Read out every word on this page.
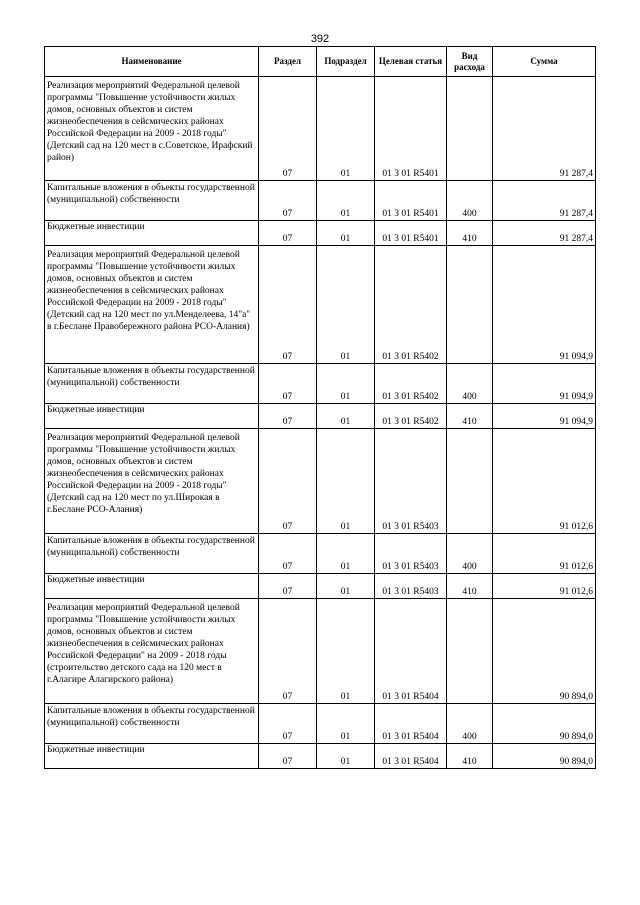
392
Наименование	Раздел	Подраздел	Целевая статья	Вид расхода	Сумма

Реализация мероприятий Федеральной целевой программы "Повышение устойчивости жилых домов, основных объектов и систем жизнеобеспечения в сейсмических районах Российской Федерации на 2009 - 2018 годы" (Детский сад на 120 мест в с.Советское, Ирафский район)	07	01	01 3 01 R5401		91 287,4

Капитальные вложения в объекты государственной (муниципальной) собственности	07	01	01 3 01 R5401	400	91 287,4

Бюджетные инвестиции	07	01	01 3 01 R5401	410	91 287,4

Реализация мероприятий Федеральной целевой программы "Повышение устойчивости жилых домов, основных объектов и систем жизнеобеспечения в сейсмических районах Российской Федерации на 2009 - 2018 годы" (Детский сад на 120 мест по ул.Менделеева, 14"а" в г.Беслане Правобережного района РСО-Алания)	07	01	01 3 01 R5402		91 094,9

Капитальные вложения в объекты государственной (муниципальной) собственности	07	01	01 3 01 R5402	400	91 094,9

Бюджетные инвестиции	07	01	01 3 01 R5402	410	91 094,9

Реализация мероприятий Федеральной целевой программы "Повышение устойчивости жилых домов, основных объектов и систем жизнеобеспечения в сейсмических районах Российской Федерации на 2009 - 2018 годы" (Детский сад на 120 мест по ул.Широкая в г.Беслане РСО-Алания)	07	01	01 3 01 R5403		91 012,6

Капитальные вложения в объекты государственной (муниципальной) собственности	07	01	01 3 01 R5403	400	91 012,6

Бюджетные инвестиции	07	01	01 3 01 R5403	410	91 012,6

Реализация мероприятий Федеральной целевой программы "Повышение устойчивости жилых домов, основных объектов и систем жизнеобеспечения в сейсмических районах Российской Федерации" на 2009 - 2018 годы (строительство детского сада на 120 мест в г.Алагире Алагирского района)	07	01	01 3 01 R5404		90 894,0

Капитальные вложения в объекты государственной (муниципальной) собственности	07	01	01 3 01 R5404	400	90 894,0

Бюджетные инвестиции	07	01	01 3 01 R5404	410	90 894,0
